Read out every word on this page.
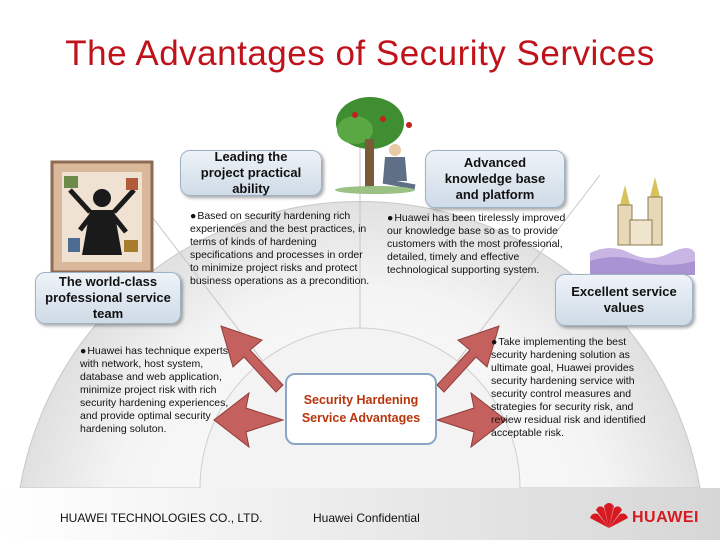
The Advantages of Security Services
Leading the project practical ability
Advanced knowledge base and platform
The world-class professional service team
Excellent service values
●Based on security hardening rich experiences and the best practices, in terms of kinds of hardening specifications and processes in order to minimize project risks and protect business operations as a precondition.
●Huawei has been tirelessly improved our knowledge base so as to provide customers with the most professional, detailed, timely and effective technological supporting system.
●Huawei has technique experts with network, host system, database and web application, minimize project risk with rich security hardening experiences, and provide optimal security hardening soluton.
●Take implementing the best security hardening solution as ultimate goal, Huawei provides security hardening service with security control measures and strategies for security risk, and review residual risk and identified acceptable risk.
Security Hardening Service Advantages
HUAWEI TECHNOLOGIES CO., LTD.	Huawei Confidential	HUAWEI
